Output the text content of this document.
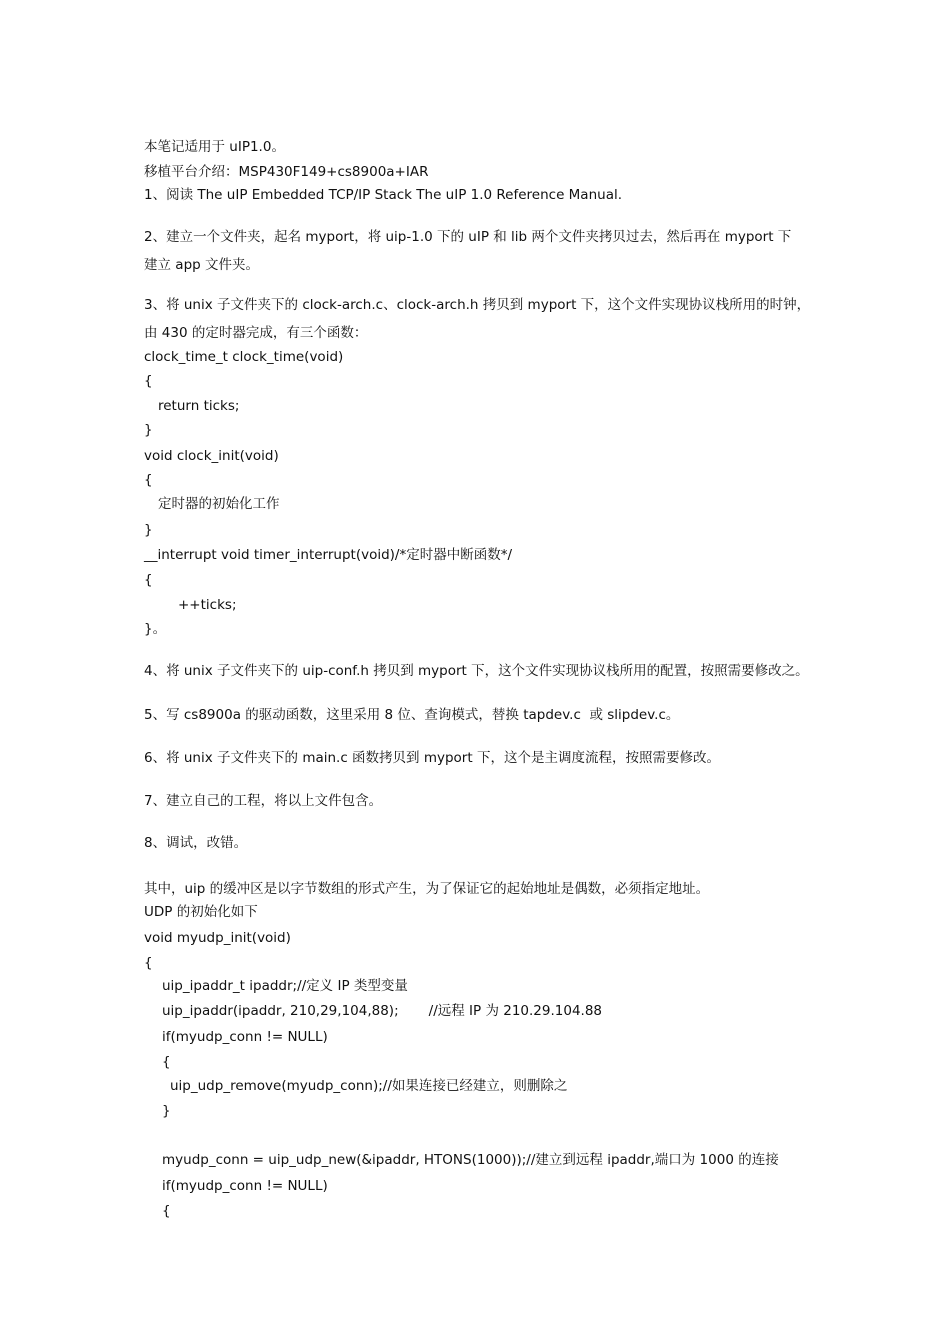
本笔记适用于 uIP1.0。
移植平台介绍：MSP430F149+cs8900a+IAR
1、阅读 The uIP Embedded TCP/IP Stack The uIP 1.0 Reference Manual.
2、建立一个文件夹，起名 myport，将 uip-1.0 下的 uIP 和 lib 两个文件夹拷贝过去，然后再在 myport 下
建立 app 文件夹。
3、将 unix 子文件夹下的 clock-arch.c、clock-arch.h 拷贝到 myport 下，这个文件实现协议栈所用的时钟，
由 430 的定时器完成，有三个函数：
clock_time_t clock_time(void)
{
return ticks;
}
void clock_init(void)
{
定时器的初始化工作
}
__interrupt void timer_interrupt(void)/*定时器中断函数*/
{
++ticks;
}。
4、将 unix 子文件夹下的 uip-conf.h 拷贝到 myport 下，这个文件实现协议栈所用的配置，按照需要修改之。
5、写 cs8900a 的驱动函数，这里采用 8 位、查询模式，替换 tapdev.c  或 slipdev.c。
6、将 unix 子文件夹下的 main.c 函数拷贝到 myport 下，这个是主调度流程，按照需要修改。
7、建立自己的工程，将以上文件包含。
8、调试，改错。
其中，uip 的缓冲区是以字节数组的形式产生，为了保证它的起始地址是偶数，必须指定地址。
UDP 的初始化如下
void myudp_init(void)
{
uip_ipaddr_t ipaddr;//定义 IP 类型变量
uip_ipaddr(ipaddr, 210,29,104,88);       //远程 IP 为 210.29.104.88
if(myudp_conn != NULL)
{
uip_udp_remove(myudp_conn);//如果连接已经建立，则删除之
}
myudp_conn = uip_udp_new(&ipaddr, HTONS(1000));//建立到远程 ipaddr,端口为 1000 的连接
if(myudp_conn != NULL)
{
